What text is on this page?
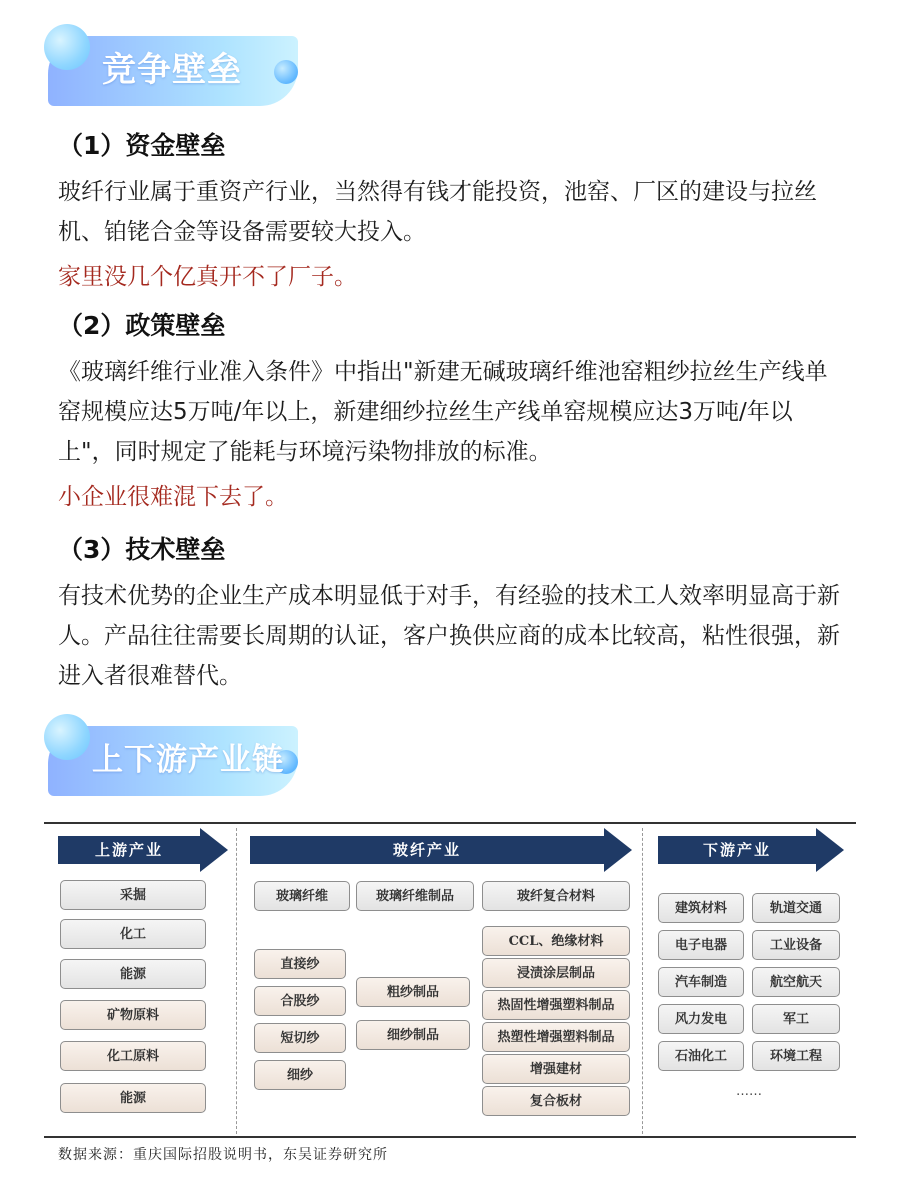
竞争壁垒
（1）资金壁垒
玻纤行业属于重资产行业，当然得有钱才能投资，池窑、厂区的建设与拉丝机、铂铑合金等设备需要较大投入。
家里没几个亿真开不了厂子。
（2）政策壁垒
《玻璃纤维行业准入条件》中指出"新建无碱玻璃纤维池窑粗纱拉丝生产线单窑规模应达5万吨/年以上，新建细纱拉丝生产线单窑规模应达3万吨/年以上"，同时规定了能耗与环境污染物排放的标准。
小企业很难混下去了。
（3）技术壁垒
有技术优势的企业生产成本明显低于对手，有经验的技术工人效率明显高于新人。产品往往需要长周期的认证，客户换供应商的成本比较高，粘性很强，新进入者很难替代。
上下游产业链
上游产业	玻纤产业	下游产业
采掘
化工
能源
矿物原料
化工原料
能源
玻璃纤维	玻璃纤维制品	玻纤复合材料
直接纱
合股纱
短切纱
细纱
粗纱制品
细纱制品
CCL、绝缘材料
浸渍涂层制品
热固性增强塑料制品
热塑性增强塑料制品
增强建材
复合板材
建筑材料	轨道交通
电子电器	工业设备
汽车制造	航空航天
风力发电	军工
石油化工	环境工程
……
数据来源：重庆国际招股说明书，东吴证券研究所
